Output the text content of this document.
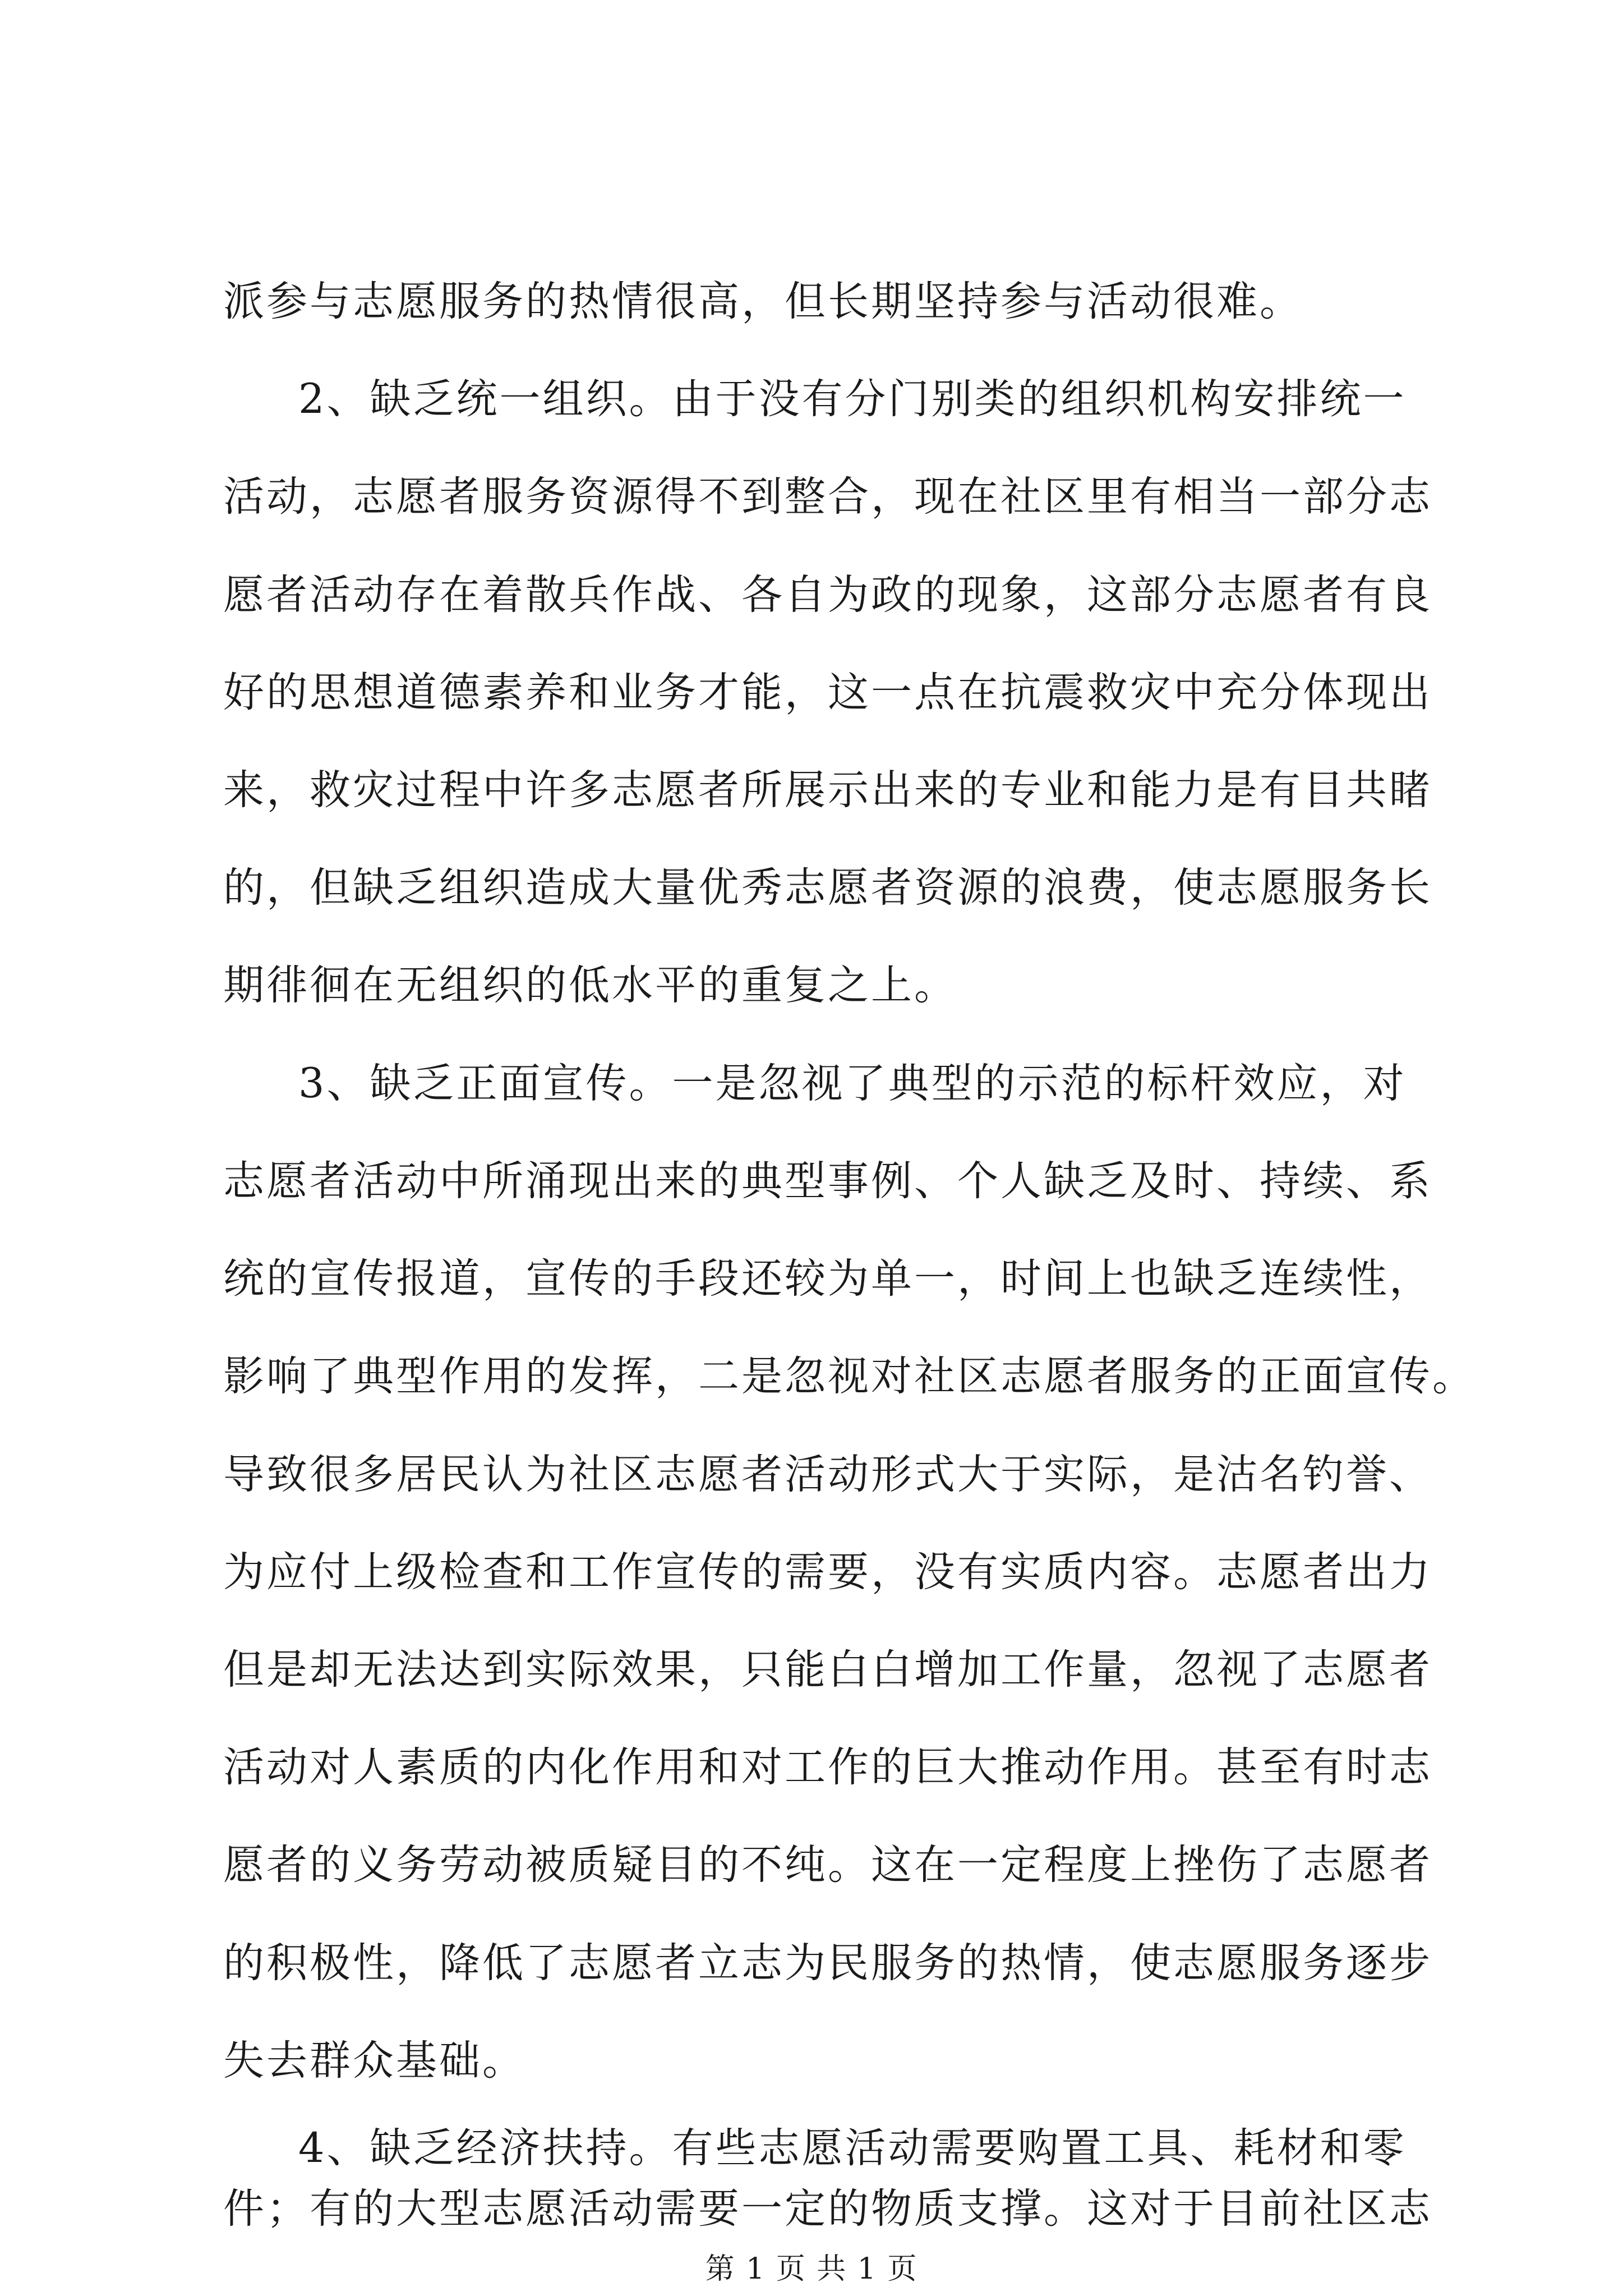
派参与志愿服务的热情很高，但长期坚持参与活动很难。
2、缺乏统一组织。由于没有分门别类的组织机构安排统一
活动，志愿者服务资源得不到整合，现在社区里有相当一部分志
愿者活动存在着散兵作战、各自为政的现象，这部分志愿者有良
好的思想道德素养和业务才能，这一点在抗震救灾中充分体现出
来，救灾过程中许多志愿者所展示出来的专业和能力是有目共睹
的，但缺乏组织造成大量优秀志愿者资源的浪费，使志愿服务长
期徘徊在无组织的低水平的重复之上。
3、缺乏正面宣传。一是忽视了典型的示范的标杆效应，对
志愿者活动中所涌现出来的典型事例、个人缺乏及时、持续、系
统的宣传报道，宣传的手段还较为单一，时间上也缺乏连续性，
影响了典型作用的发挥，二是忽视对社区志愿者服务的正面宣传。
导致很多居民认为社区志愿者活动形式大于实际，是沽名钓誉、
为应付上级检查和工作宣传的需要，没有实质内容。志愿者出力
但是却无法达到实际效果，只能白白增加工作量，忽视了志愿者
活动对人素质的内化作用和对工作的巨大推动作用。甚至有时志
愿者的义务劳动被质疑目的不纯。这在一定程度上挫伤了志愿者
的积极性，降低了志愿者立志为民服务的热情，使志愿服务逐步
失去群众基础。
4、缺乏经济扶持。有些志愿活动需要购置工具、耗材和零
件；有的大型志愿活动需要一定的物质支撑。这对于目前社区志
第 1 页 共 1 页
